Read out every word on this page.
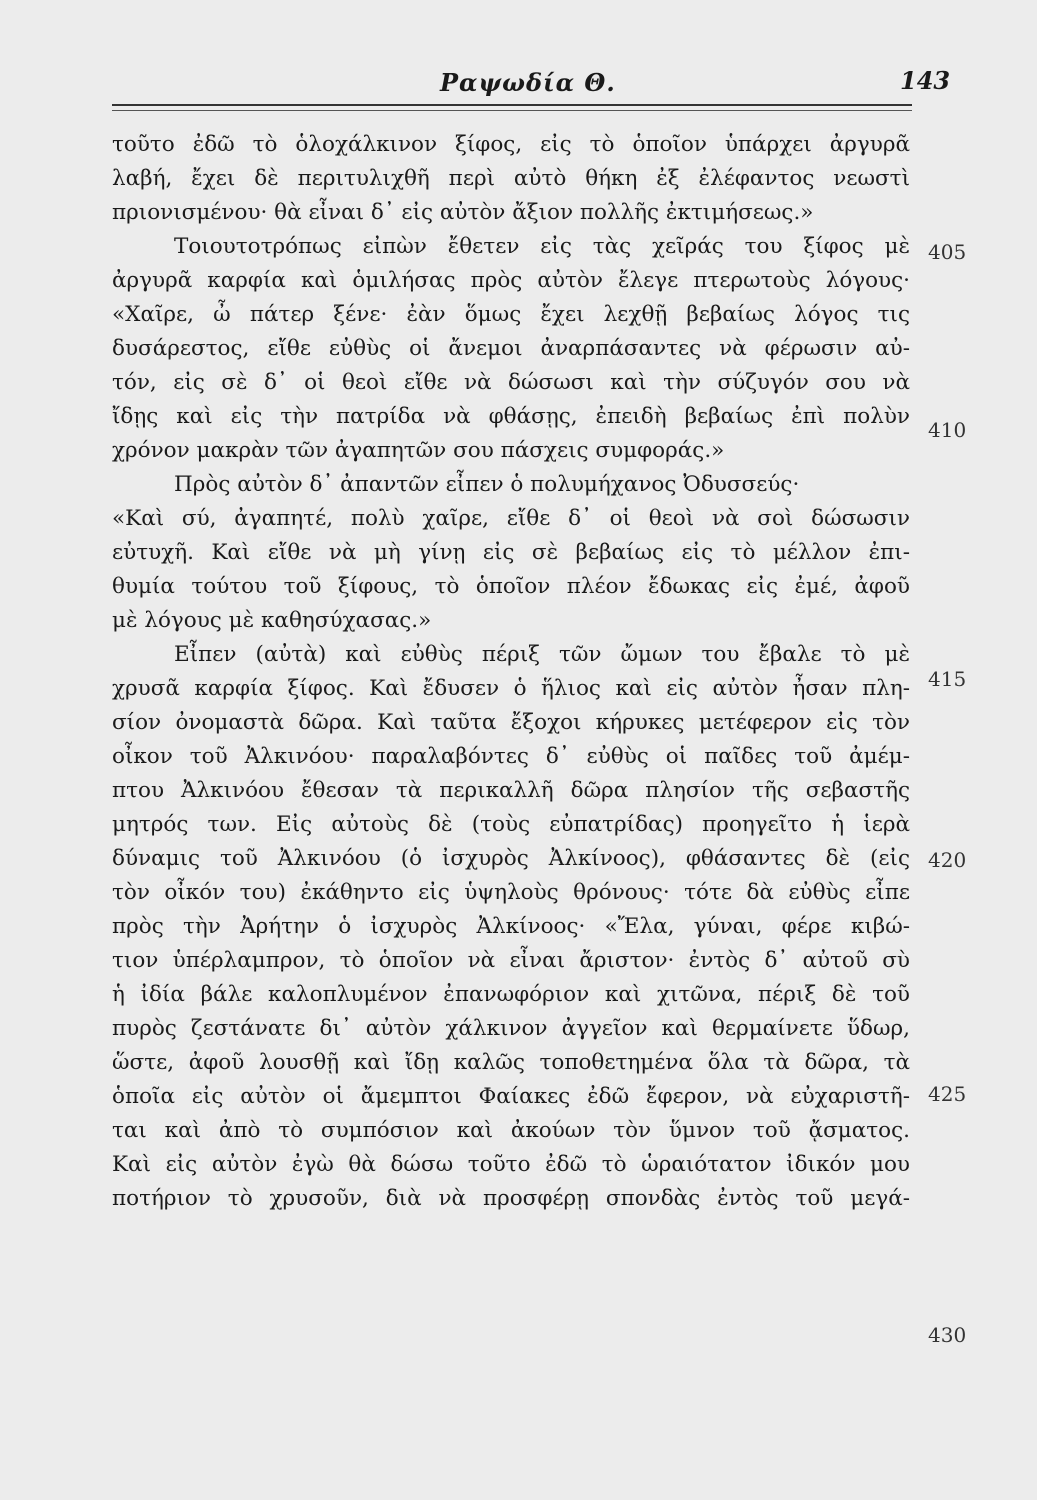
Ραψωδία Θ.	143
τοῦτο ἐδῶ τὸ ὁλοχάλκινον ξίφος, εἰς τὸ ὁποῖον ὑπάρχει ἀργυρᾶ
λαβή, ἔχει δὲ περιτυλιχθῆ περὶ αὐτὸ θήκη ἐξ ἐλέφαντος νεωστὶ
πριονισμένου· θὰ εἶναι δ᾽ εἰς αὐτὸν ἄξιον πολλῆς ἐκτιμήσεως.»
Τοιουτοτρόπως εἰπὼν ἔθετεν εἰς τὰς χεῖράς του ξίφος μὲ
ἀργυρᾶ καρφία καὶ ὁμιλήσας πρὸς αὐτὸν ἔλεγε πτερωτοὺς λόγους·
«Χαῖρε, ὦ πάτερ ξένε· ἐὰν ὅμως ἔχει λεχθῇ βεβαίως λόγος τις
δυσάρεστος, εἴθε εὐθὺς οἱ ἄνεμοι ἀναρπάσαντες νὰ φέρωσιν αὐ-
τόν, εἰς σὲ δ᾽ οἱ θεοὶ εἴθε νὰ δώσωσι καὶ τὴν σύζυγόν σου νὰ
ἴδῃς καὶ εἰς τὴν πατρίδα νὰ φθάσῃς, ἐπειδὴ βεβαίως ἐπὶ πολὺν
χρόνον μακρὰν τῶν ἀγαπητῶν σου πάσχεις συμφοράς.»
Πρὸς αὐτὸν δ᾽ ἀπαντῶν εἶπεν ὁ πολυμήχανος Ὀδυσσεύς·
«Καὶ σύ, ἀγαπητέ, πολὺ χαῖρε, εἴθε δ᾽ οἱ θεοὶ νὰ σοὶ δώσωσιν
εὐτυχῆ. Καὶ εἴθε νὰ μὴ γίνῃ εἰς σὲ βεβαίως εἰς τὸ μέλλον ἐπι-
θυμία τούτου τοῦ ξίφους, τὸ ὁποῖον πλέον ἔδωκας εἰς ἐμέ, ἀφοῦ
μὲ λόγους μὲ καθησύχασας.»
Εἶπεν (αὐτὰ) καὶ εὐθὺς πέριξ τῶν ὤμων του ἔβαλε τὸ μὲ
χρυσᾶ καρφία ξίφος. Καὶ ἔδυσεν ὁ ἥλιος καὶ εἰς αὐτὸν ἦσαν πλη-
σίον ὀνομαστὰ δῶρα. Καὶ ταῦτα ἔξοχοι κήρυκες μετέφερον εἰς τὸν
οἶκον τοῦ Ἀλκινόου· παραλαβόντες δ᾽ εὐθὺς οἱ παῖδες τοῦ ἀμέμ-
πτου Ἀλκινόου ἔθεσαν τὰ περικαλλῆ δῶρα πλησίον τῆς σεβαστῆς
μητρός των. Εἰς αὐτοὺς δὲ (τοὺς εὐπατρίδας) προηγεῖτο ἡ ἱερὰ
δύναμις τοῦ Ἀλκινόου (ὁ ἰσχυρὸς Ἀλκίνοος), φθάσαντες δὲ (εἰς
τὸν οἶκόν του) ἐκάθηντο εἰς ὑψηλοὺς θρόνους· τότε δὰ εὐθὺς εἶπε
πρὸς τὴν Ἀρήτην ὁ ἰσχυρὸς Ἀλκίνοος· «Ἔλα, γύναι, φέρε κιβώ-
τιον ὑπέρλαμπρον, τὸ ὁποῖον νὰ εἶναι ἄριστον· ἐντὸς δ᾽ αὐτοῦ σὺ
ἡ ἰδία βάλε καλοπλυμένον ἐπανωφόριον καὶ χιτῶνα, πέριξ δὲ τοῦ
πυρὸς ζεστάνατε δι᾽ αὐτὸν χάλκινον ἀγγεῖον καὶ θερμαίνετε ὕδωρ,
ὥστε, ἀφοῦ λουσθῇ καὶ ἴδῃ καλῶς τοποθετημένα ὅλα τὰ δῶρα, τὰ
ὁποῖα εἰς αὐτὸν οἱ ἄμεμπτοι Φαίακες ἐδῶ ἔφερον, νὰ εὐχαριστῆ-
ται καὶ ἀπὸ τὸ συμπόσιον καὶ ἀκούων τὸν ὕμνον τοῦ ᾄσματος.
Καὶ εἰς αὐτὸν ἐγὼ θὰ δώσω τοῦτο ἐδῶ τὸ ὡραιότατον ἰδικόν μου
ποτήριον τὸ χρυσοῦν, διὰ νὰ προσφέρῃ σπονδὰς ἐντὸς τοῦ μεγά-
405
410
415
420
425
430
